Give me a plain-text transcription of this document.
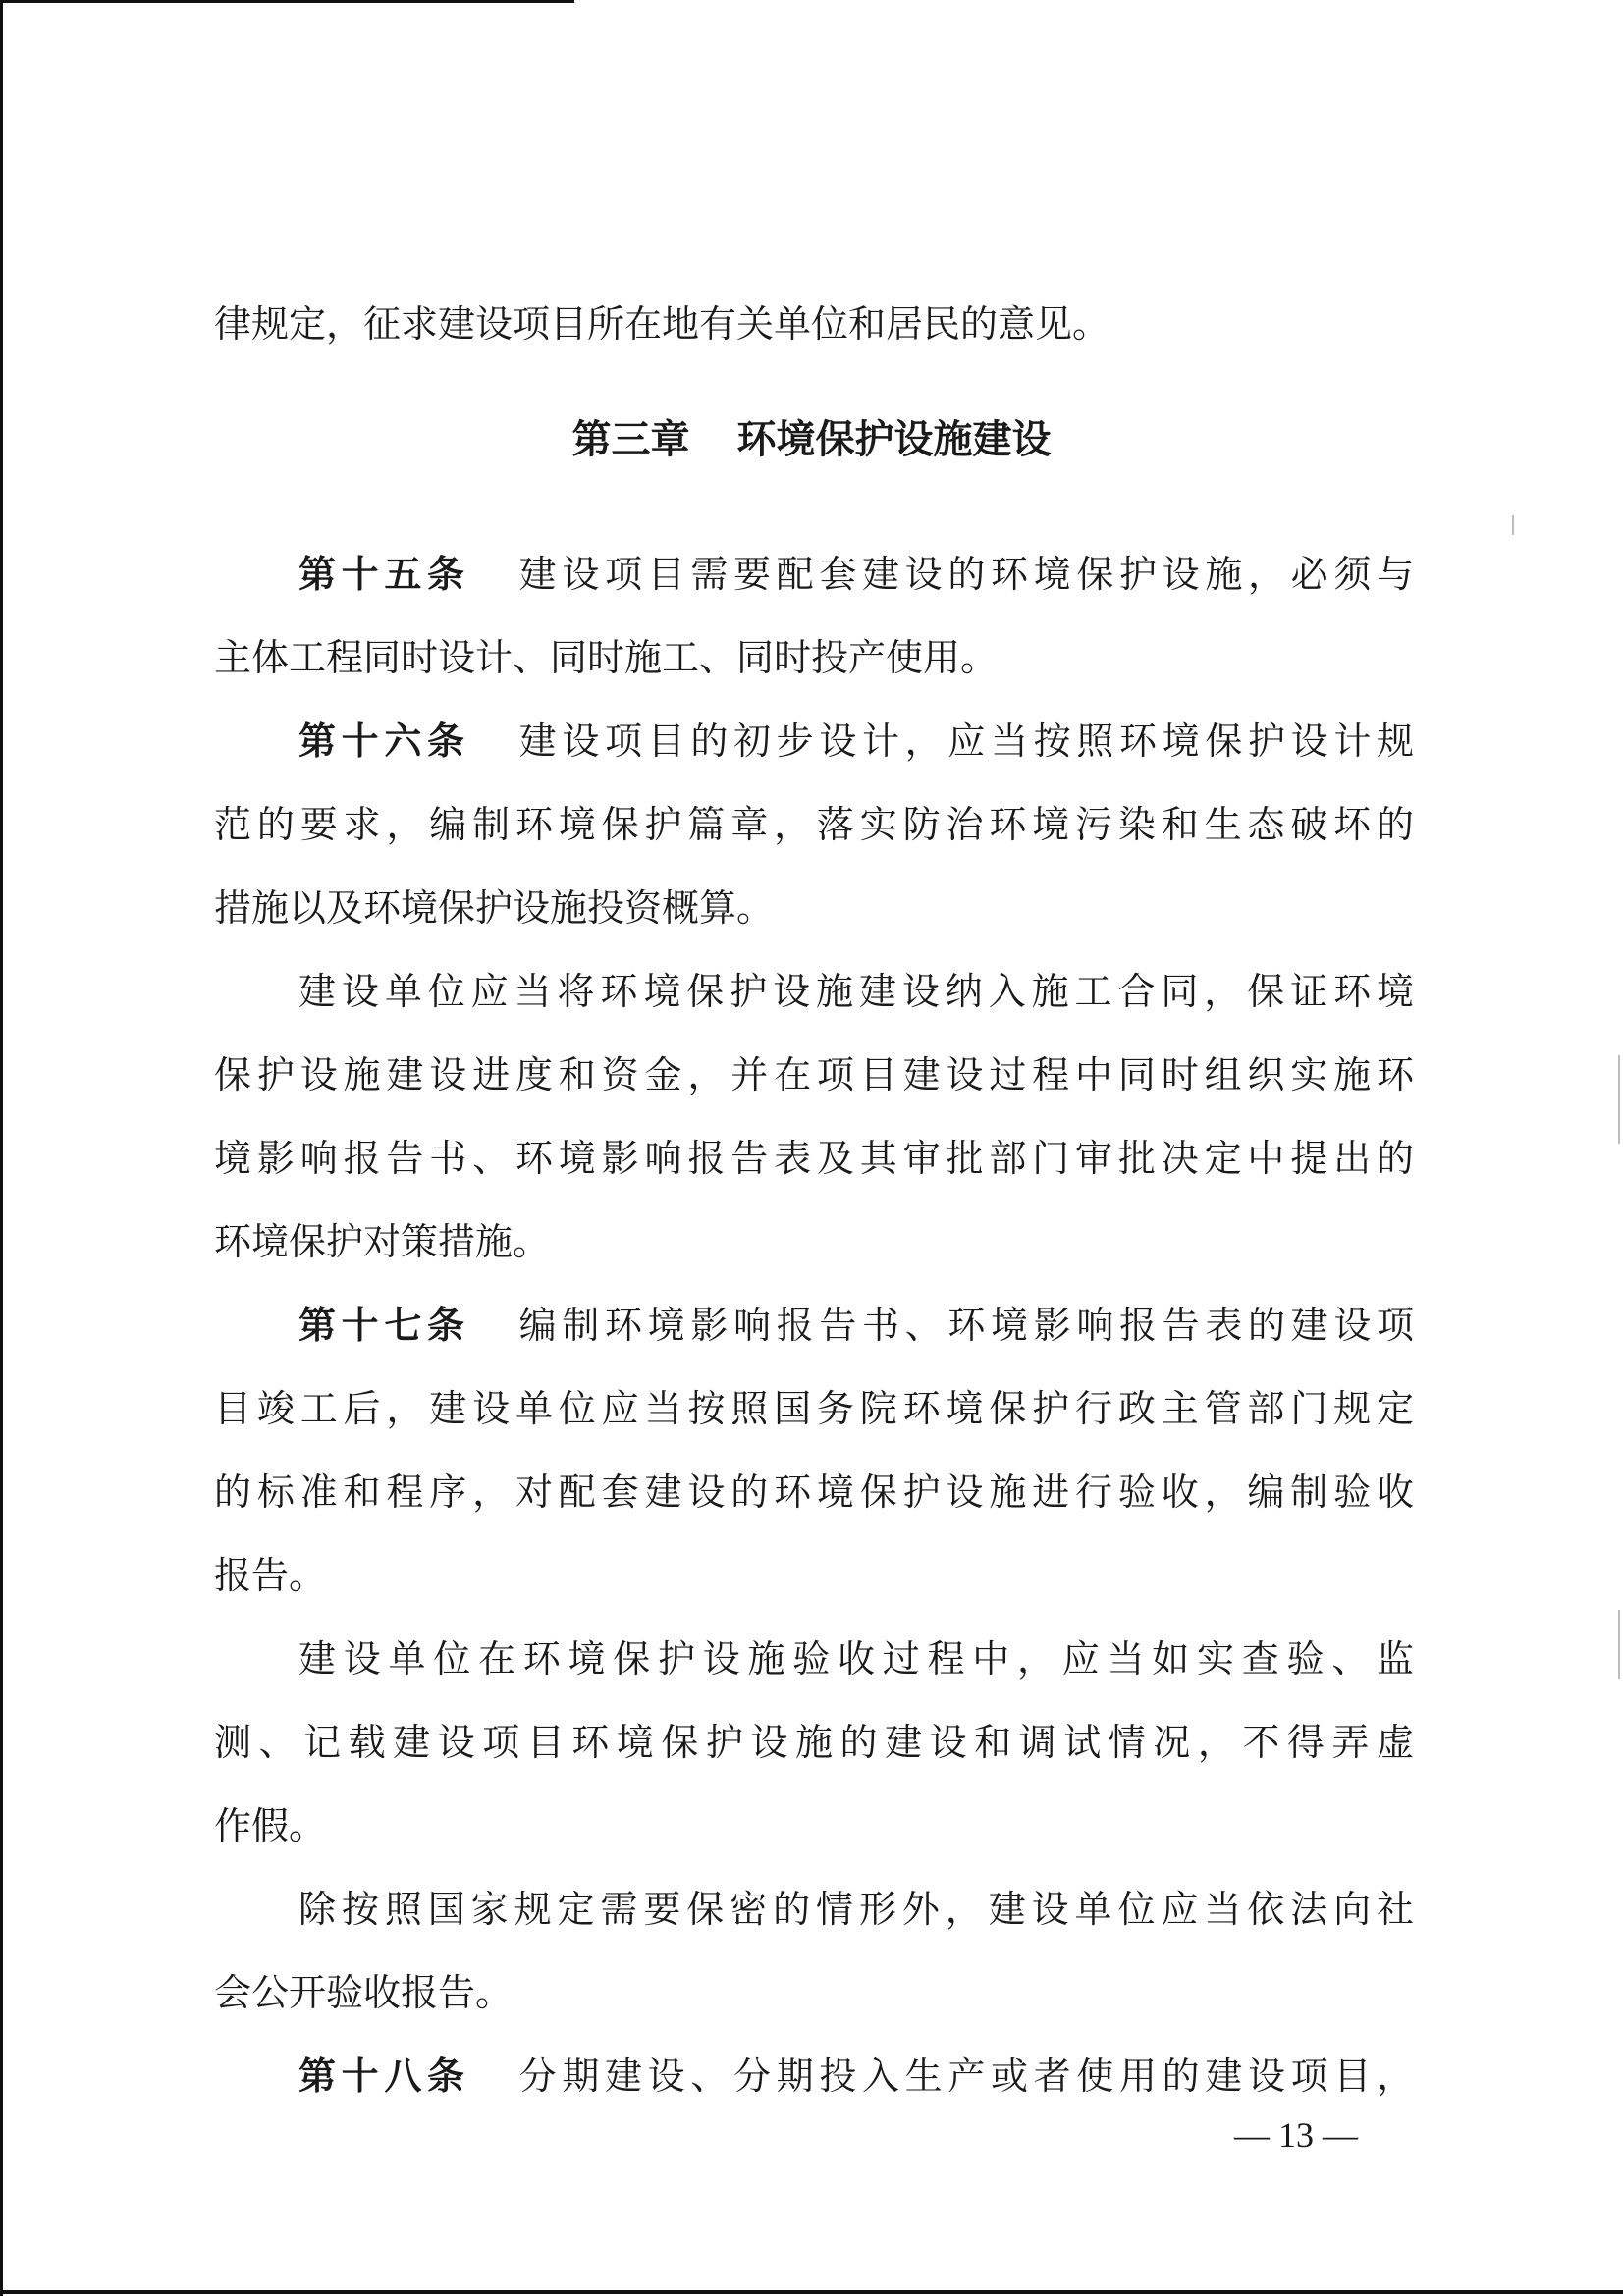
律规定，征求建设项目所在地有关单位和居民的意见。
第三章 环境保护设施建设
第十五条 建设项目需要配套建设的环境保护设施，必须与
主体工程同时设计、同时施工、同时投产使用。
第十六条 建设项目的初步设计，应当按照环境保护设计规
范的要求，编制环境保护篇章，落实防治环境污染和生态破坏的
措施以及环境保护设施投资概算。
建设单位应当将环境保护设施建设纳入施工合同，保证环境
保护设施建设进度和资金，并在项目建设过程中同时组织实施环
境影响报告书、环境影响报告表及其审批部门审批决定中提出的
环境保护对策措施。
第十七条 编制环境影响报告书、环境影响报告表的建设项
目竣工后，建设单位应当按照国务院环境保护行政主管部门规定
的标准和程序，对配套建设的环境保护设施进行验收，编制验收
报告。
建设单位在环境保护设施验收过程中，应当如实查验、监
测、记载建设项目环境保护设施的建设和调试情况，不得弄虚
作假。
除按照国家规定需要保密的情形外，建设单位应当依法向社
会公开验收报告。
第十八条 分期建设、分期投入生产或者使用的建设项目，
— 13 —
